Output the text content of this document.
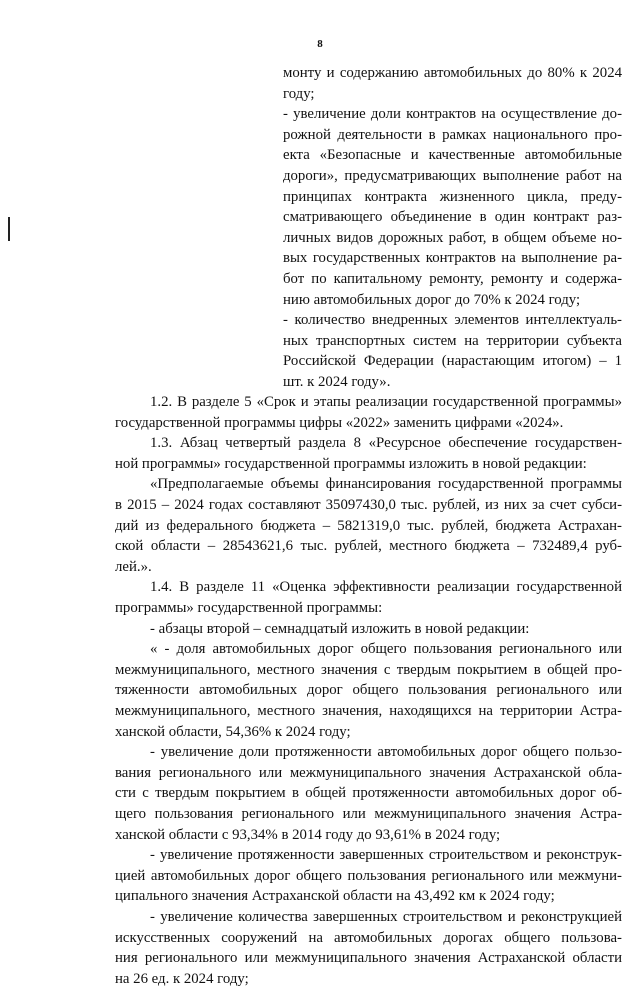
8
монту и содержанию автомобильных до 80% к 2024
году;
- увеличение доли контрактов на осуществление до-
рожной деятельности в рамках национального про-
екта «Безопасные и качественные автомобильные
дороги», предусматривающих выполнение работ на
принципах контракта жизненного цикла, преду-
сматривающего объединение в один контракт раз-
личных видов дорожных работ, в общем объеме но-
вых государственных контрактов на выполнение ра-
бот по капитальному ремонту, ремонту и содержа-
нию автомобильных дорог до 70% к 2024 году;
- количество внедренных элементов интеллектуаль-
ных транспортных систем на территории субъекта
Российской Федерации (нарастающим итогом) – 1
шт. к 2024 году».
1.2. В разделе 5 «Срок и этапы реализации государственной программы»
государственной программы цифры «2022» заменить цифрами «2024».
1.3. Абзац четвертый раздела 8 «Ресурсное обеспечение государствен-
ной программы» государственной программы изложить в новой редакции:
«Предполагаемые объемы финансирования государственной программы
в 2015 – 2024 годах составляют 35097430,0 тыс. рублей, из них за счет субси-
дий из федерального бюджета – 5821319,0 тыс. рублей, бюджета Астрахан-
ской области – 28543621,6 тыс. рублей, местного бюджета – 732489,4 руб-
лей.».
1.4. В разделе 11 «Оценка эффективности реализации государственной
программы» государственной программы:
- абзацы второй – семнадцатый изложить в новой редакции:
« - доля автомобильных дорог общего пользования регионального или
межмуниципального, местного значения с твердым покрытием в общей про-
тяженности автомобильных дорог общего пользования регионального или
межмуниципального, местного значения, находящихся на территории Астра-
ханской области, 54,36% к 2024 году;
- увеличение доли протяженности автомобильных дорог общего пользо-
вания регионального или межмуниципального значения Астраханской обла-
сти с твердым покрытием в общей протяженности автомобильных дорог об-
щего пользования регионального или межмуниципального значения Астра-
ханской области с 93,34% в 2014 году до 93,61% в 2024 году;
- увеличение протяженности завершенных строительством и реконструк-
цией автомобильных дорог общего пользования регионального или межмуни-
ципального значения Астраханской области на 43,492 км к 2024 году;
- увеличение количества завершенных строительством и реконструкцией
искусственных сооружений на автомобильных дорогах общего пользова-
ния регионального или межмуниципального значения Астраханской области
на 26 ед. к 2024 году;
